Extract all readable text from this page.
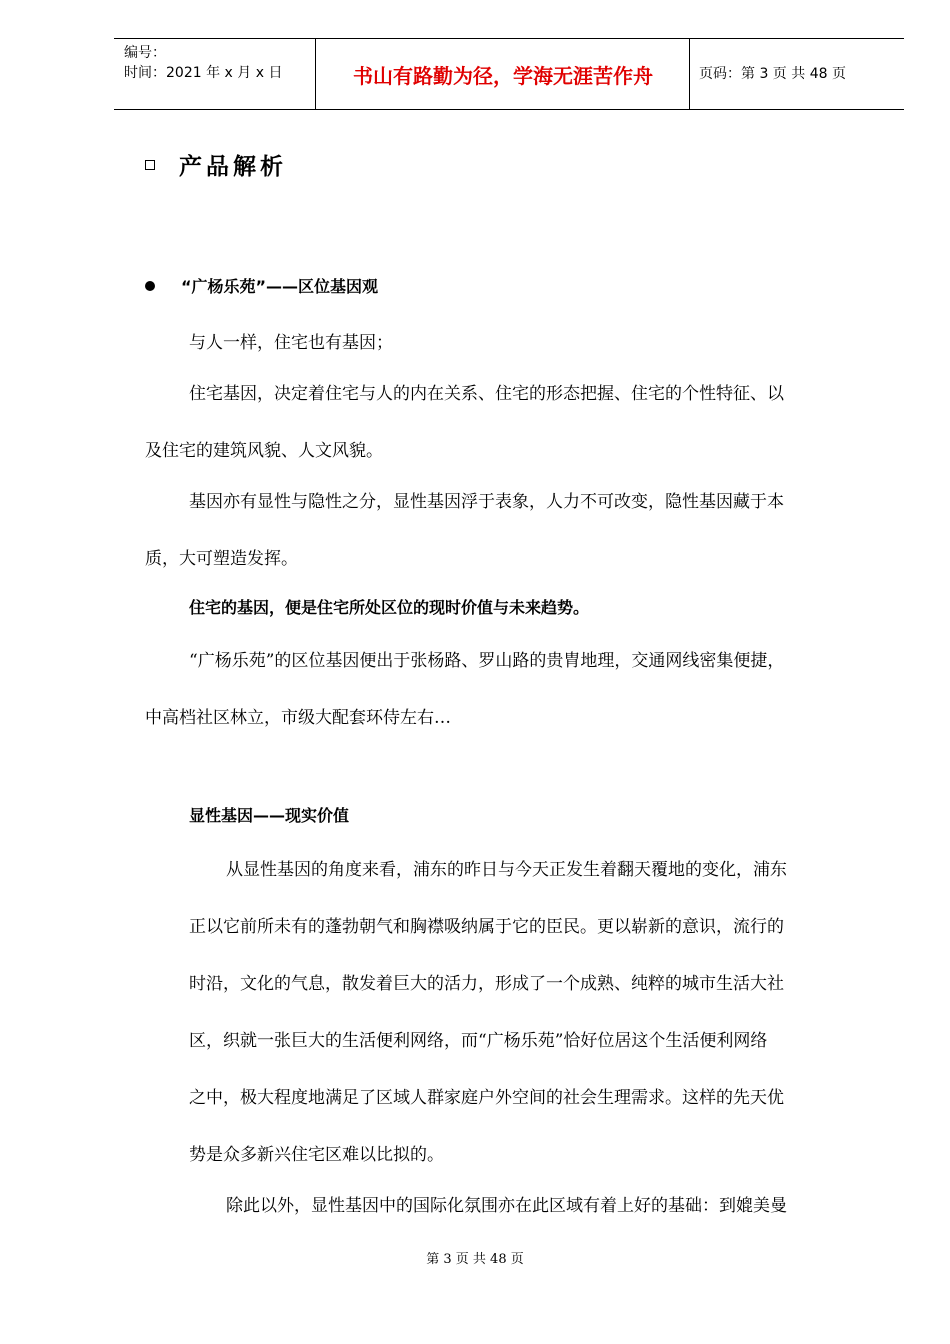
编号：
时间：2021 年 x 月 x 日	书山有路勤为径，学海无涯苦作舟	页码：第 3 页 共 48 页
产品解析
“广杨乐苑”——区位基因观
与人一样，住宅也有基因；
住宅基因，决定着住宅与人的内在关系、住宅的形态把握、住宅的个性特征、以
及住宅的建筑风貌、人文风貌。
基因亦有显性与隐性之分，显性基因浮于表象，人力不可改变，隐性基因藏于本
质，大可塑造发挥。
住宅的基因，便是住宅所处区位的现时价值与未来趋势。
“广杨乐苑”的区位基因便出于张杨路、罗山路的贵胄地理，交通网线密集便捷，
中高档社区林立，市级大配套环侍左右…
显性基因——现实价值
从显性基因的角度来看，浦东的昨日与今天正发生着翻天覆地的变化，浦东
正以它前所未有的蓬勃朝气和胸襟吸纳属于它的臣民。更以崭新的意识，流行的
时沿，文化的气息，散发着巨大的活力，形成了一个成熟、纯粹的城市生活大社
区，织就一张巨大的生活便利网络，而“广杨乐苑”恰好位居这个生活便利网络
之中，极大程度地满足了区域人群家庭户外空间的社会生理需求。这样的先天优
势是众多新兴住宅区难以比拟的。
除此以外，显性基因中的国际化氛围亦在此区域有着上好的基础：到媲美曼
第 3 页 共 48 页
